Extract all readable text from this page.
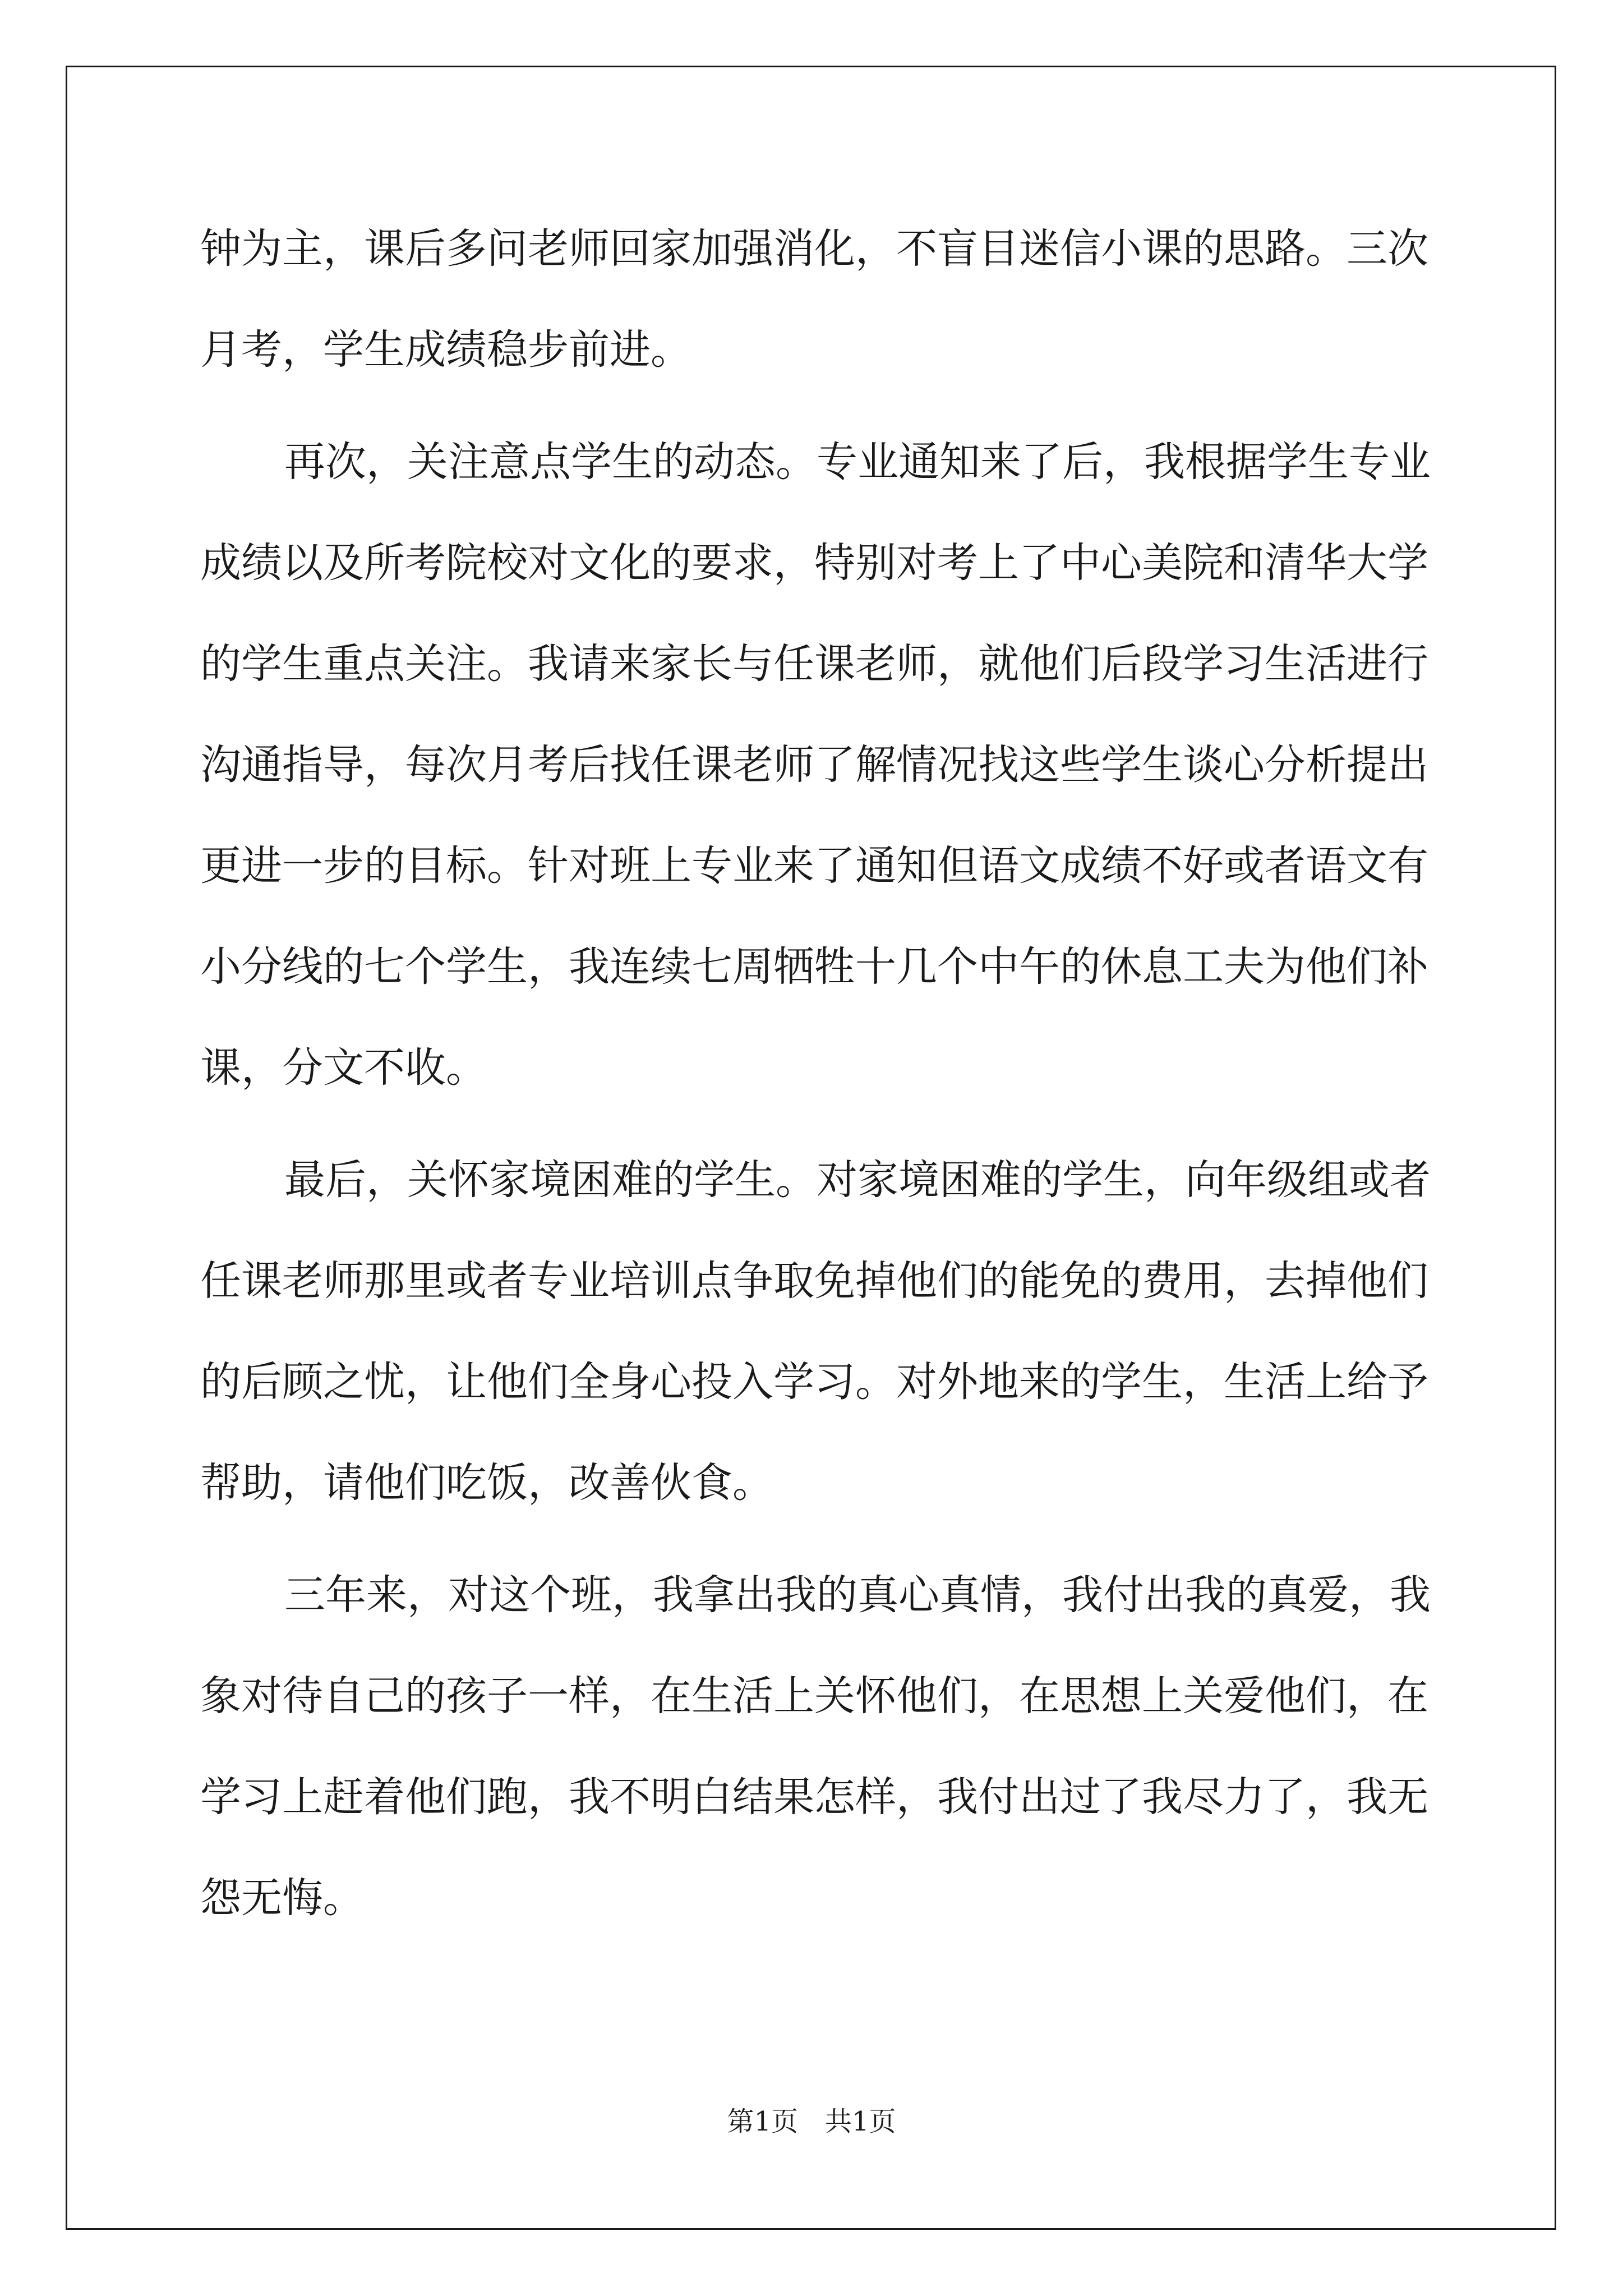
钟为主，课后多问老师回家加强消化，不盲目迷信小课的思路。三次
月考，学生成绩稳步前进。
再次，关注意点学生的动态。专业通知来了后，我根据学生专业
成绩以及所考院校对文化的要求，特别对考上了中心美院和清华大学
的学生重点关注。我请来家长与任课老师，就他们后段学习生活进行
沟通指导，每次月考后找任课老师了解情况找这些学生谈心分析提出
更进一步的目标。针对班上专业来了通知但语文成绩不好或者语文有
小分线的七个学生，我连续七周牺牲十几个中午的休息工夫为他们补
课，分文不收。
最后，关怀家境困难的学生。对家境困难的学生，向年级组或者
任课老师那里或者专业培训点争取免掉他们的能免的费用，去掉他们
的后顾之忧，让他们全身心投入学习。对外地来的学生，生活上给予
帮助，请他们吃饭，改善伙食。
三年来，对这个班，我拿出我的真心真情，我付出我的真爱，我
象对待自己的孩子一样，在生活上关怀他们，在思想上关爱他们，在
学习上赶着他们跑，我不明白结果怎样，我付出过了我尽力了，我无
怨无悔。
第1页　共1页
